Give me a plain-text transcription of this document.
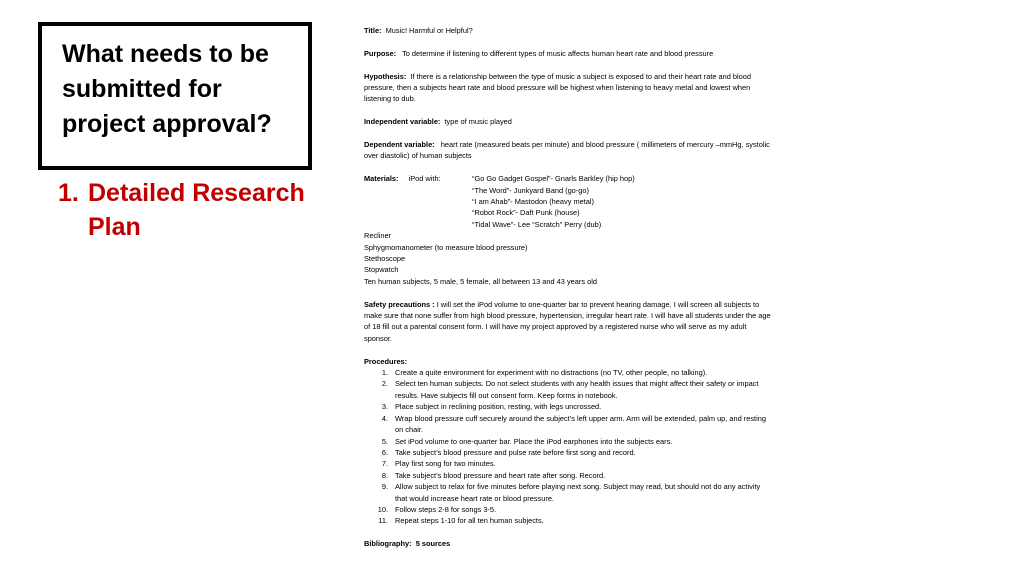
What needs to be
submitted for
project approval?

1. Detailed Research
Plan

Title: Music! Harmful or Helpful?

Purpose: To determine if listening to different types of music affects human heart rate and blood pressure

Hypothesis: If there is a relationship between the type of music a subject is exposed to and their heart rate and blood pressure, then a subjects heart rate and blood pressure will be highest when listening to heavy metal and lowest when listening to dub.

Independent variable: type of music played

Dependent variable: heart rate (measured beats per minute) and blood pressure ( millimeters of mercury –mmHg, systolic over diastolic) of human subjects

Materials: iPod with:	“Go Go Gadget Gospel”- Gnarls Barkley (hip hop)
“The Word”- Junkyard Band (go-go)
“I am Ahab”- Mastodon (heavy metal)
“Robot Rock”- Daft Punk (house)
“Tidal Wave”- Lee “Scratch” Perry (dub)
Recliner
Sphygmomanometer (to measure blood pressure)
Stethoscope
Stopwatch
Ten human subjects, 5 male, 5 female, all between 13 and 43 years old

Safety precautions : I will set the iPod volume to one-quarter bar to prevent hearing damage. I will screen all subjects to make sure that none suffer from high blood pressure, hypertension, irregular heart rate. I will have all students under the age of 18 fill out a parental consent form. I will have my project approved by a registered nurse who will serve as my adult sponsor.

Procedures:
1. Create a quite environment for experiment with no distractions (no TV, other people, no talking).
2. Select ten human subjects. Do not select students with any health issues that might affect their safety or impact results. Have subjects fill out consent form. Keep forms in notebook.
3. Place subject in reclining position, resting, with legs uncrossed.
4. Wrap blood pressure cuff securely around the subject’s left upper arm. Arm will be extended, palm up, and resting on chair.
5. Set iPod volume to one-quarter bar. Place the iPod earphones into the subjects ears.
6. Take subject’s blood pressure and pulse rate before first song and record.
7. Play first song for two minutes.
8. Take subject’s blood pressure and heart rate after song. Record.
9. Allow subject to relax for five minutes before playing next song. Subject may read, but should not do any activity that would increase heart rate or blood pressure.
10. Follow steps 2-8 for songs 3-5.
11. Repeat steps 1-10 for all ten human subjects.

Bibliography: 5 sources
